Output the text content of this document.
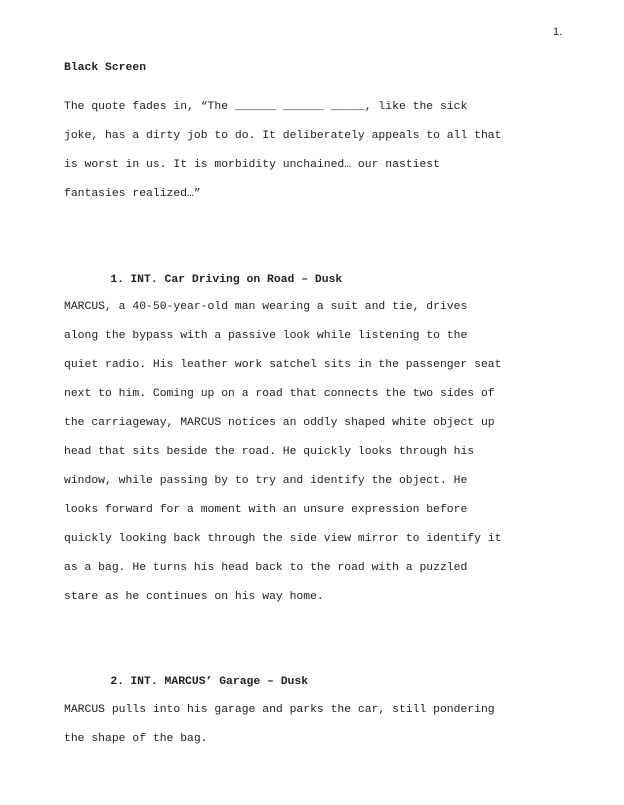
1.
Black Screen
The quote fades in, “The ______ ______ _____, like the sick
joke, has a dirty job to do. It deliberately appeals to all that
is worst in us. It is morbidity unchained… our nastiest
fantasies realized…”

1. INT. Car Driving on Road – Dusk

MARCUS, a 40-50-year-old man wearing a suit and tie, drives
along the bypass with a passive look while listening to the
quiet radio. His leather work satchel sits in the passenger seat
next to him. Coming up on a road that connects the two sides of
the carriageway, MARCUS notices an oddly shaped white object up
head that sits beside the road. He quickly looks through his
window, while passing by to try and identify the object. He
looks forward for a moment with an unsure expression before
quickly looking back through the side view mirror to identify it
as a bag. He turns his head back to the road with a puzzled
stare as he continues on his way home.

2. INT. MARCUS’ Garage – Dusk

MARCUS pulls into his garage and parks the car, still pondering
the shape of the bag.
